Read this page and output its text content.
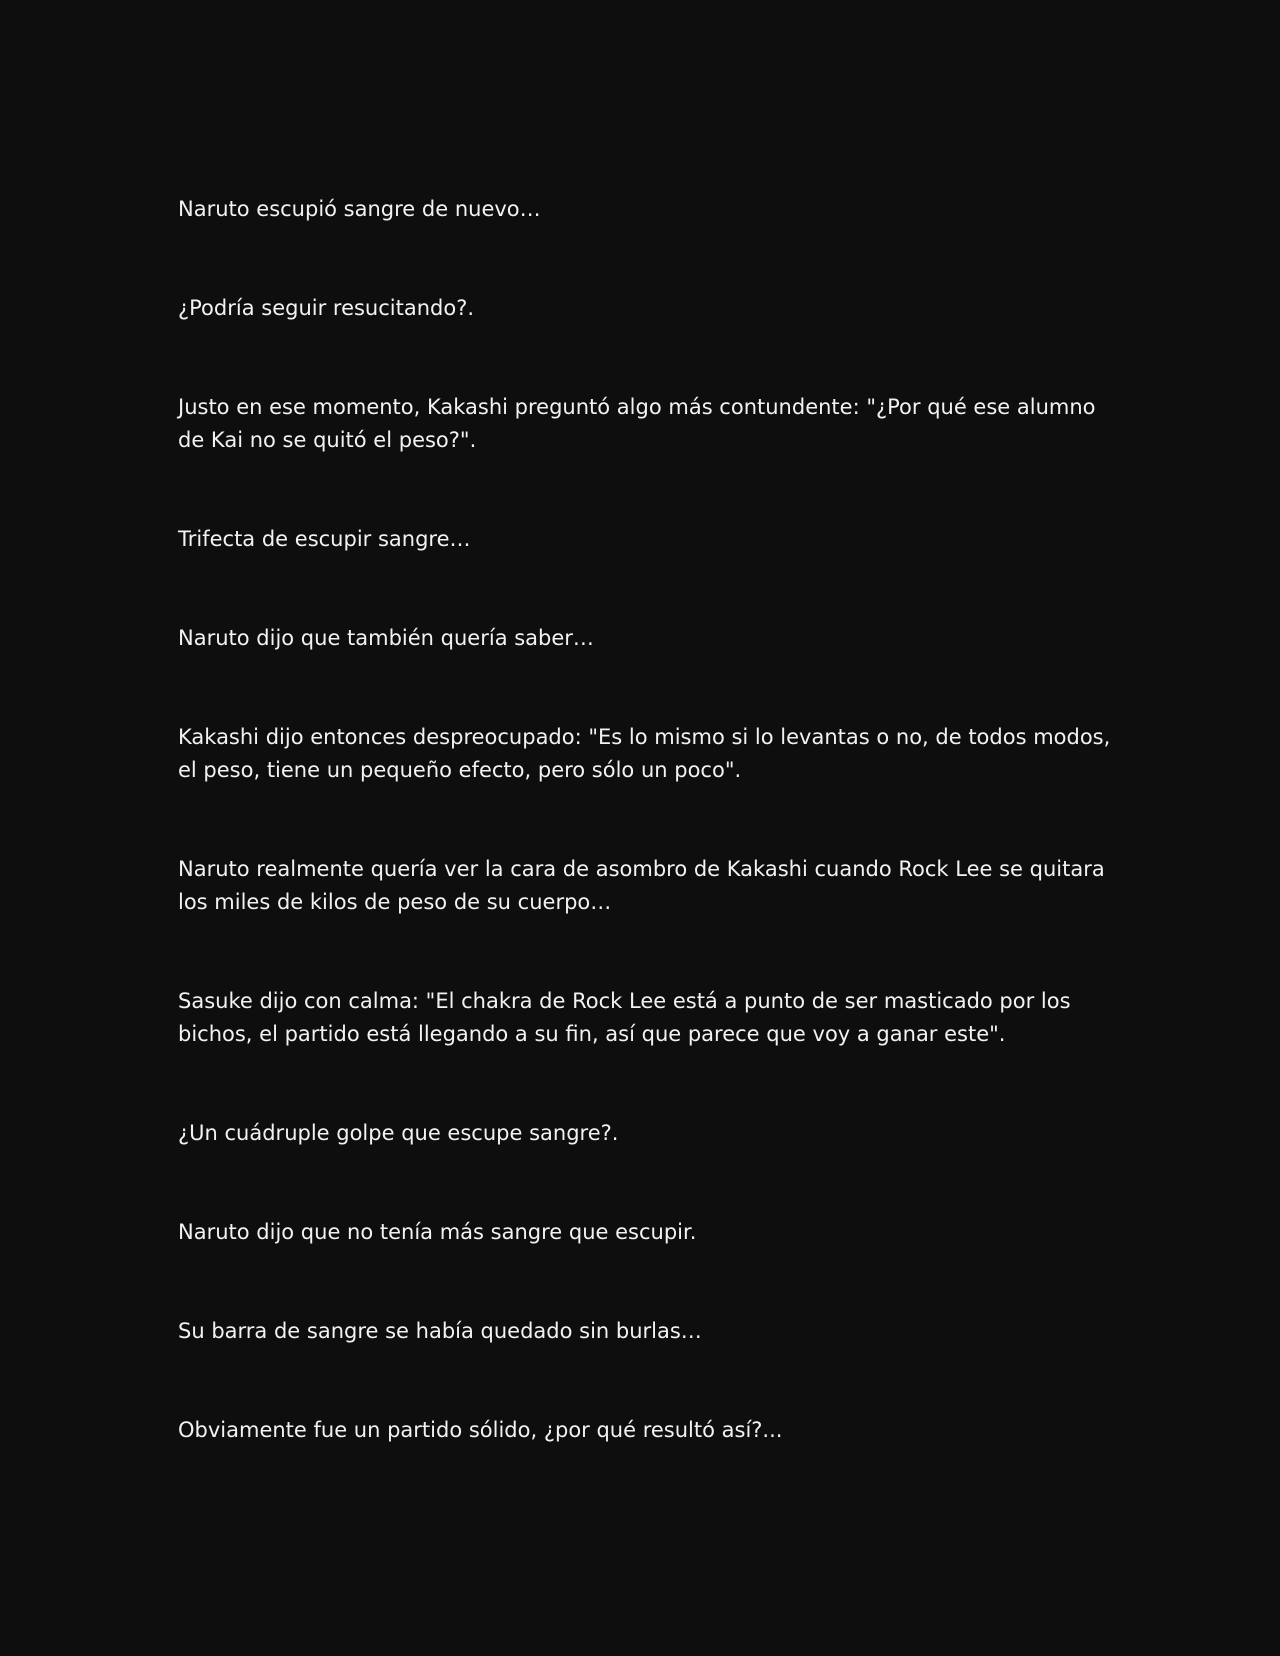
Naruto escupió sangre de nuevo…

¿Podría seguir resucitando?.

Justo en ese momento, Kakashi preguntó algo más contundente: "¿Por qué ese alumno de Kai no se quitó el peso?".

Trifecta de escupir sangre…

Naruto dijo que también quería saber…

Kakashi dijo entonces despreocupado: "Es lo mismo si lo levantas o no, de todos modos, el peso, tiene un pequeño efecto, pero sólo un poco".

Naruto realmente quería ver la cara de asombro de Kakashi cuando Rock Lee se quitara los miles de kilos de peso de su cuerpo…

Sasuke dijo con calma: "El chakra de Rock Lee está a punto de ser masticado por los bichos, el partido está llegando a su fin, así que parece que voy a ganar este".

¿Un cuádruple golpe que escupe sangre?.

Naruto dijo que no tenía más sangre que escupir.

Su barra de sangre se había quedado sin burlas…

Obviamente fue un partido sólido, ¿por qué resultó así?...
